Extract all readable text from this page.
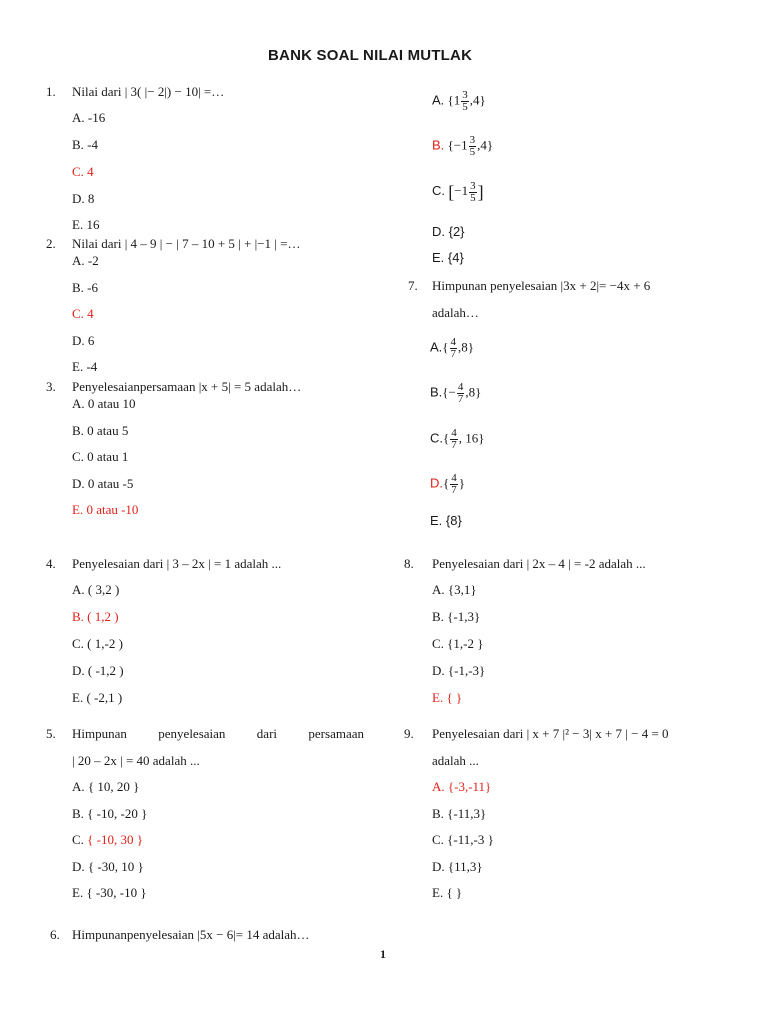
BANK SOAL NILAI MUTLAK
1. Nilai dari | 3( |− 2|) − 10| =…
A. -16
B. -4
C. 4
D. 8
E. 16
2. Nilai dari | 4 – 9 | − | 7 – 10 + 5 | + |−1 | =…
A. -2
B. -6
C. 4
D. 6
E. -4
3. Penyelesaianpersamaan |x + 5| = 5 adalah…
A. 0 atau 10
B. 0 atau 5
C. 0 atau 1
D. 0 atau -5
E. 0 atau -10
4. Penyelesaian dari | 3 – 2x | = 1 adalah ...
A. ( 3,2 )
B. ( 1,2 )
C. ( 1,-2 )
D. ( -1,2 )
E. ( -2,1 )
5. Himpunan penyelesaian dari persamaan
| 20 – 2x | = 40 adalah ...
A. { 10, 20 }
B. { -10, -20 }
C. { -10, 30 }
D. { -30, 10 }
E. { -30, -10 }
6. Himpunanpenyelesaian |5x − 6|= 14 adalah…
A. $\{1 \frac{3}{5} ,4\}$
B. $\{-1 \frac{3}{5} ,4\}$
C. [$-1 \frac{3}{5}$ ]
D. {2}
E. {4}
7. Himpunan penyelesaian |3x + 2|= −4x + 6
adalah…
$A.\{ \frac{4}{7} ,8\}$
$B.\{- \frac{4}{7} ,8\}$
$C.\{ \frac{4}{7}$ , 16}
$D.\{ \frac{4}{7}$ }
E. {8}
8. Penyelesaian dari | 2x – 4 | = -2 adalah ...
A. {3,1}
B. {-1,3}
C. {1,-2 }
D. {-1,-3}
E. { }
9. Penyelesaian dari | x + 7 |² − 3| x + 7 | − 4 = 0
adalah ...
A. {-3,-11}
B. {-11,3}
C. {-11,-3 }
D. {11,3}
E. { }
1
